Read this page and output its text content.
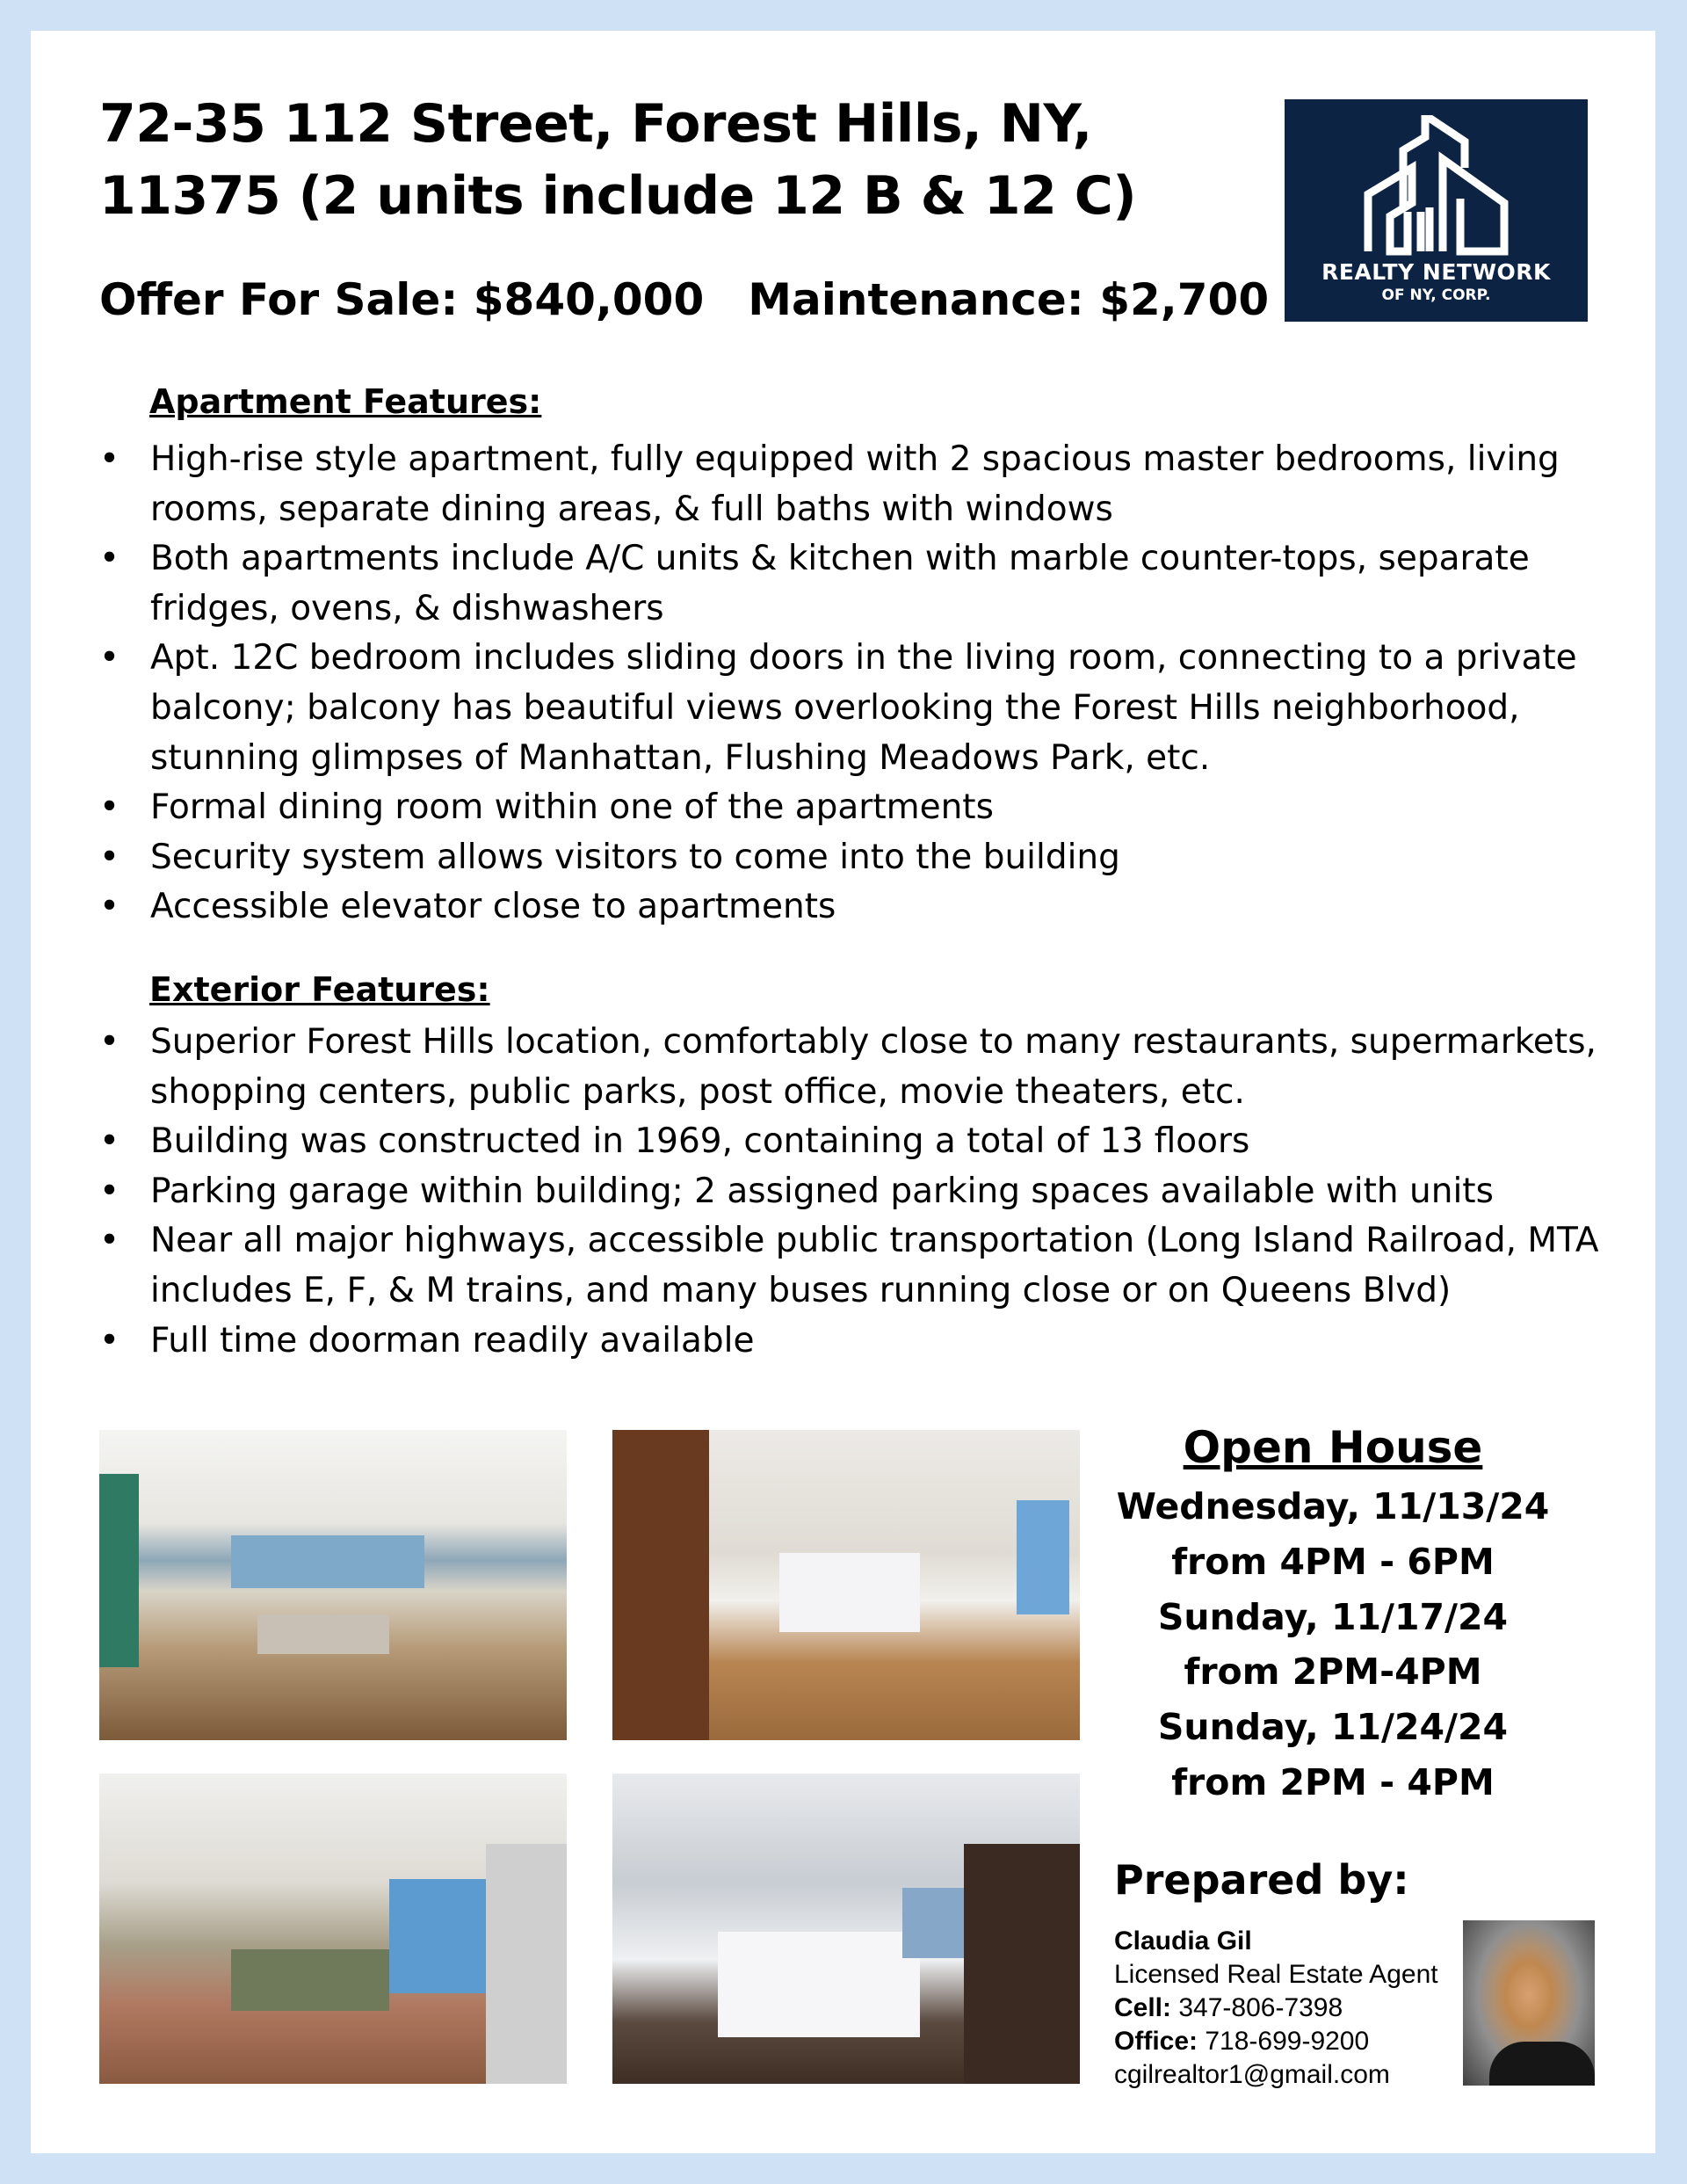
72-35 112 Street, Forest Hills, NY, 11375 (2 units include 12 B & 12 C)
Offer For Sale: $840,000 Maintenance: $2,700
REALTY NETWORK
OF NY, CORP.
Apartment Features:
• High-rise style apartment, fully equipped with 2 spacious master bedrooms, living rooms, separate dining areas, & full baths with windows
• Both apartments include A/C units & kitchen with marble counter-tops, separate fridges, ovens, & dishwashers
• Apt. 12C bedroom includes sliding doors in the living room, connecting to a private balcony; balcony has beautiful views overlooking the Forest Hills neighborhood, stunning glimpses of Manhattan, Flushing Meadows Park, etc.
• Formal dining room within one of the apartments
• Security system allows visitors to come into the building
• Accessible elevator close to apartments
Exterior Features:
• Superior Forest Hills location, comfortably close to many restaurants, supermarkets, shopping centers, public parks, post office, movie theaters, etc.
• Building was constructed in 1969, containing a total of 13 floors
• Parking garage within building; 2 assigned parking spaces available with units
• Near all major highways, accessible public transportation (Long Island Railroad, MTA includes E, F, & M trains, and many buses running close or on Queens Blvd)
• Full time doorman readily available
Open House
Wednesday, 11/13/24
from 4PM - 6PM
Sunday, 11/17/24
from 2PM-4PM
Sunday, 11/24/24
from 2PM - 4PM
Prepared by:
Claudia Gil
Licensed Real Estate Agent
Cell: 347-806-7398
Office: 718-699-9200
cgilrealtor1@gmail.com
